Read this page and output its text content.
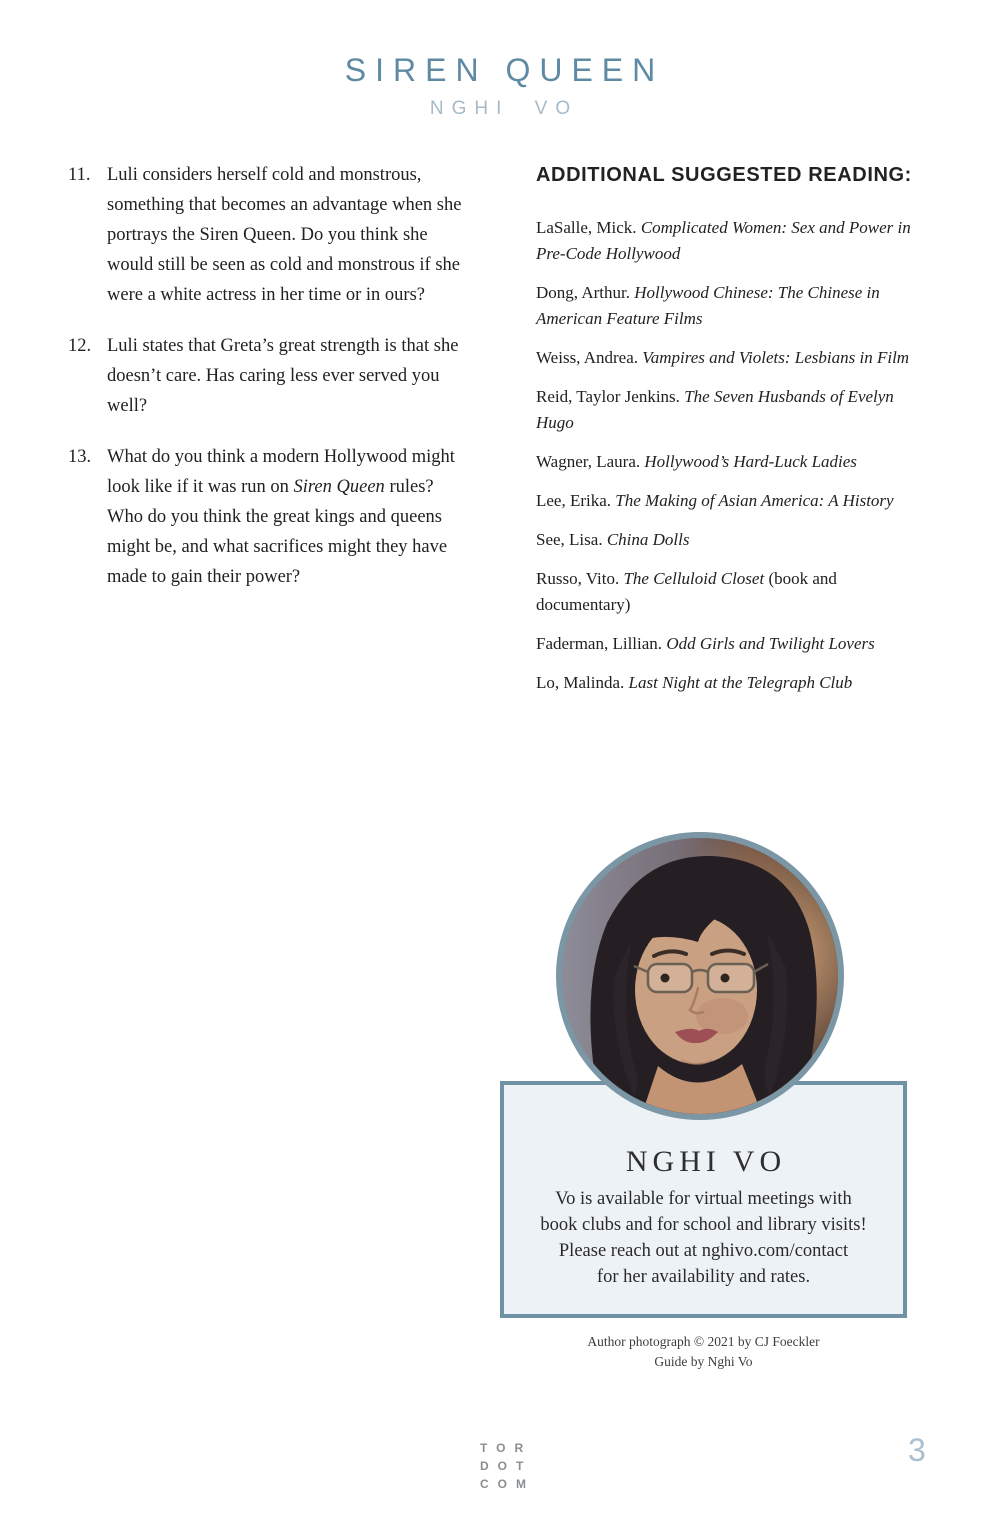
SIREN QUEEN
NGHI VO
11. Luli considers herself cold and monstrous, something that becomes an advantage when she portrays the Siren Queen. Do you think she would still be seen as cold and monstrous if she were a white actress in her time or in ours?
12. Luli states that Greta’s great strength is that she doesn’t care. Has caring less ever served you well?
13. What do you think a modern Hollywood might look like if it was run on Siren Queen rules? Who do you think the great kings and queens might be, and what sacrifices might they have made to gain their power?
ADDITIONAL SUGGESTED READING:
LaSalle, Mick. Complicated Women: Sex and Power in Pre-Code Hollywood
Dong, Arthur. Hollywood Chinese: The Chinese in American Feature Films
Weiss, Andrea. Vampires and Violets: Lesbians in Film
Reid, Taylor Jenkins. The Seven Husbands of Evelyn Hugo
Wagner, Laura. Hollywood’s Hard-Luck Ladies
Lee, Erika. The Making of Asian America: A History
See, Lisa. China Dolls
Russo, Vito. The Celluloid Closet (book and documentary)
Faderman, Lillian. Odd Girls and Twilight Lovers
Lo, Malinda. Last Night at the Telegraph Club
NGHI VO
Vo is available for virtual meetings with
book clubs and for school and library visits!
Please reach out at nghivo.com/contact
for her availability and rates.
Author photograph © 2021 by CJ Foeckler
Guide by Nghi Vo
TOR
DOT
COM
3
